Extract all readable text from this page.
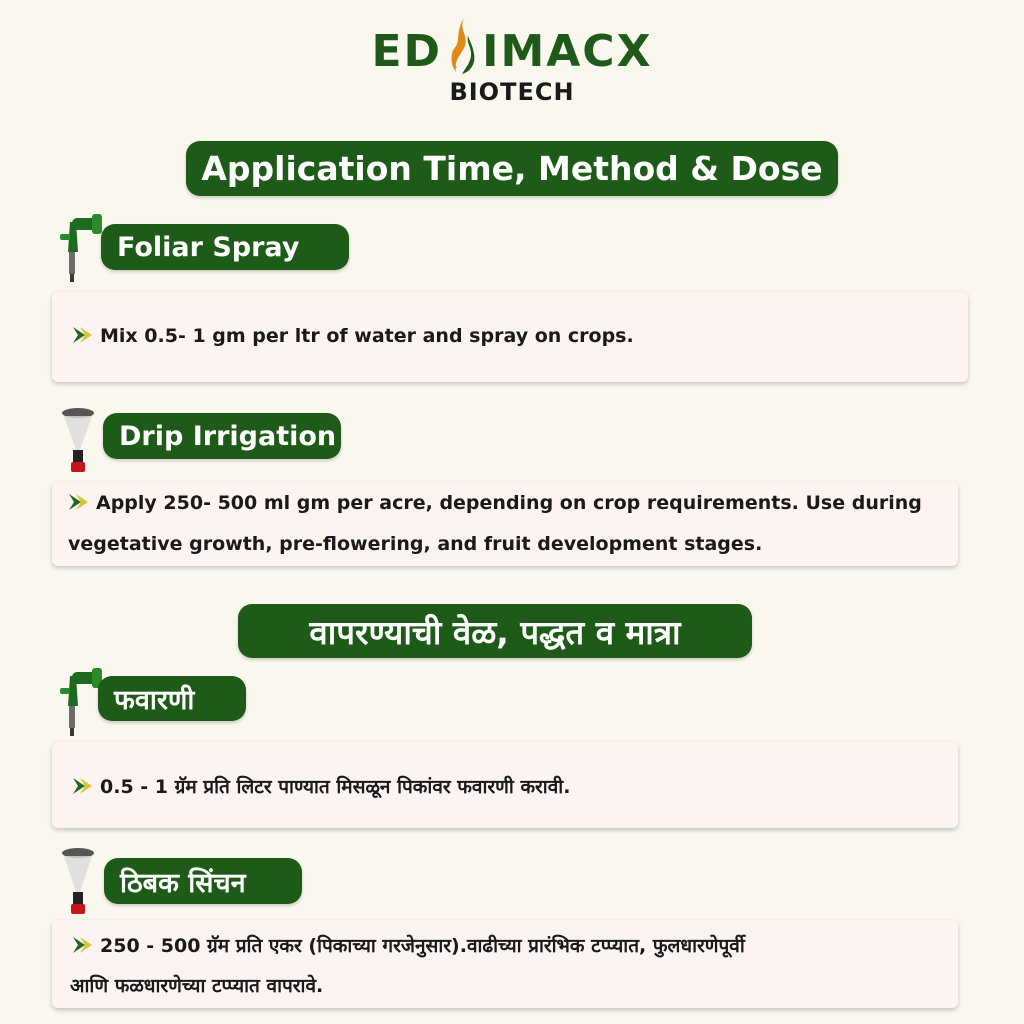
ED IMACX
BIOTECH
Application Time, Method & Dose
Foliar Spray
Mix 0.5- 1 gm per ltr of water and spray on crops.
Drip Irrigation
Apply 250- 500 ml gm per acre, depending on crop requirements. Use during
vegetative growth, pre-flowering, and fruit development stages.
वापरण्याची वेळ, पद्धत व मात्रा
फवारणी
0.5 - 1 ग्रॅम प्रति लिटर पाण्यात मिसळून पिकांवर फवारणी करावी.
ठिबक सिंचन
250 - 500 ग्रॅम प्रति एकर (पिकाच्या गरजेनुसार).वाढीच्या प्रारंभिक टप्प्यात, फुलधारणेपूर्वी
आणि फळधारणेच्या टप्प्यात वापरावे.
